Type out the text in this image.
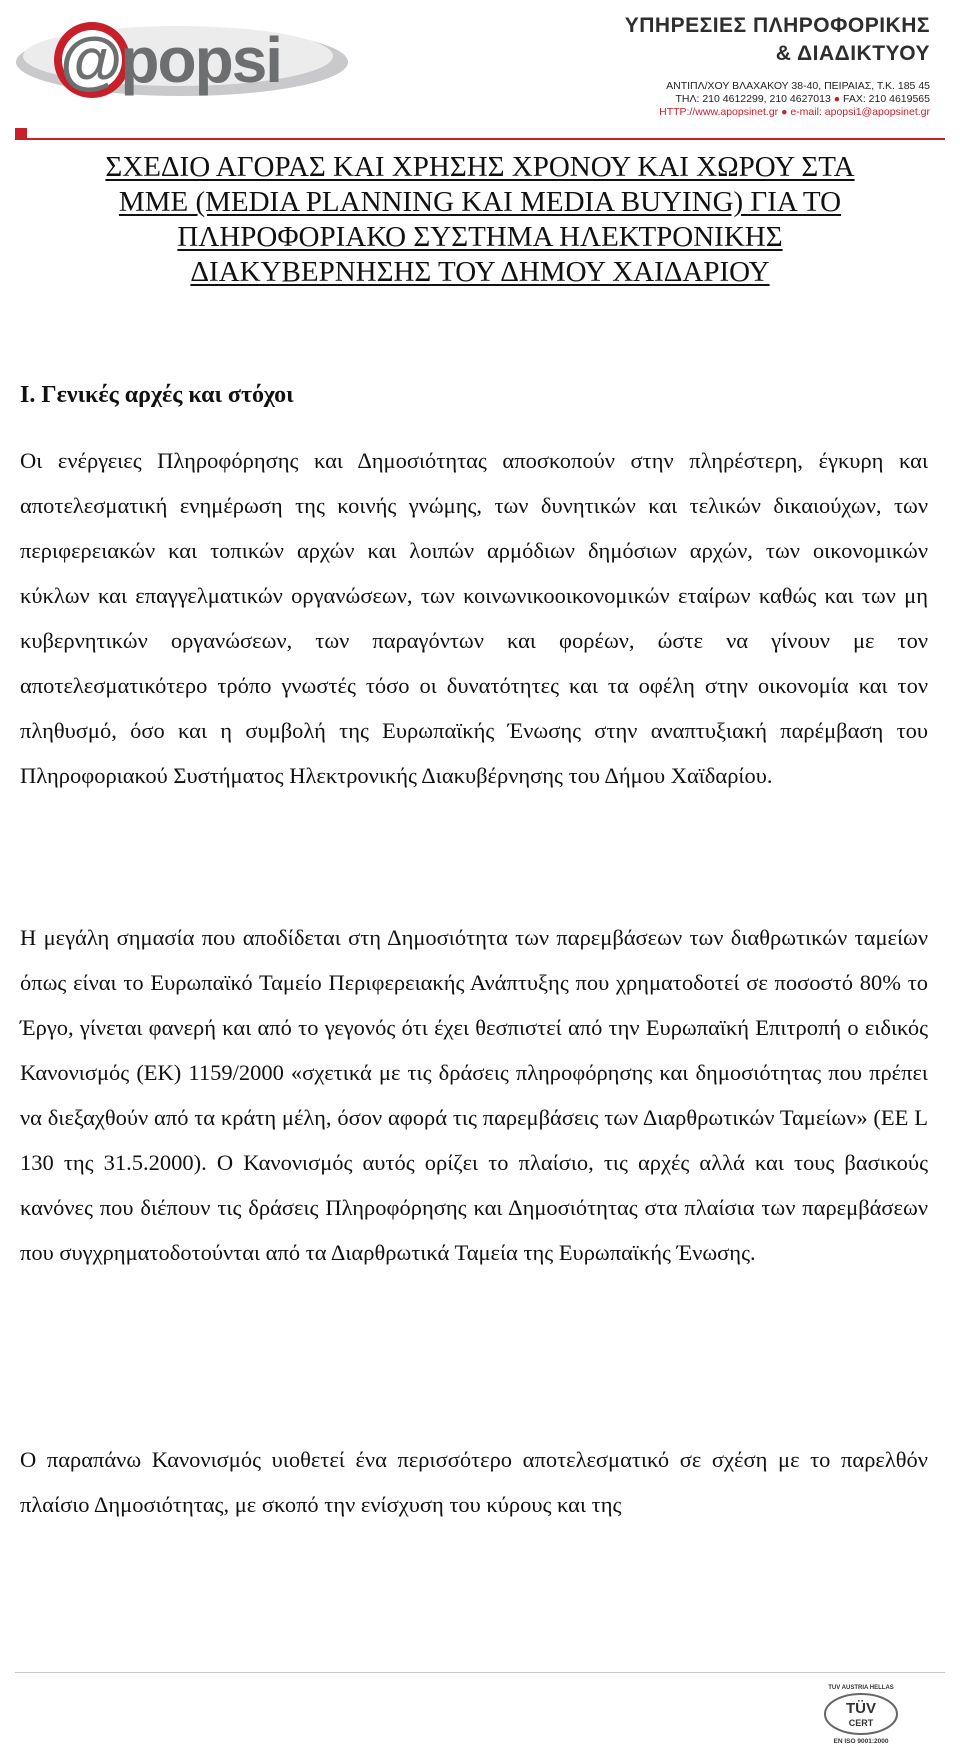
@popsi	ΥΠΗΡΕΣΙΕΣ ΠΛΗΡΟΦΟΡΙΚΗΣ
& ΔΙΑΔΙΚΤΥΟΥ
ΑΝΤΙΠΛ/ΧΟΥ ΒΛΑΧΑΚΟΥ 38-40, ΠΕΙΡΑΙΑΣ, Τ.Κ. 185 45
ΤΗΛ: 210 4612299, 210 4627013 ● FAX: 210 4619565
HTTP://www.apopsinet.gr ● e-mail: apopsi1@apopsinet.gr
ΣΧΕΔΙΟ ΑΓΟΡΑΣ ΚΑΙ ΧΡΗΣΗΣ ΧΡΟΝΟΥ ΚΑΙ ΧΩΡΟΥ ΣΤΑ
ΜΜΕ (MEDIA PLANNING ΚΑΙ MEDIA BUYING) ΓΙΑ ΤΟ
ΠΛΗΡΟΦΟΡΙΑΚΟ ΣΥΣΤΗΜΑ ΗΛΕΚΤΡΟΝΙΚΗΣ
ΔΙΑΚΥΒΕΡΝΗΣΗΣ ΤΟΥ ΔΗΜΟΥ ΧΑΙΔΑΡΙΟΥ
Ι. Γενικές αρχές και στόχοι

Οι ενέργειες Πληροφόρησης και Δημοσιότητας αποσκοπούν στην πληρέστερη, έγκυρη και αποτελεσματική ενημέρωση της κοινής γνώμης, των δυνητικών και τελικών δικαιούχων, των περιφερειακών και τοπικών αρχών και λοιπών αρμόδιων δημόσιων αρχών, των οικονομικών κύκλων και επαγγελματικών οργανώσεων, των κοινωνικοοικονομικών εταίρων καθώς και των μη κυβερνητικών οργανώσεων, των παραγόντων και φορέων, ώστε να γίνουν με τον αποτελεσματικότερο τρόπο γνωστές τόσο οι δυνατότητες και τα οφέλη στην οικονομία και τον πληθυσμό, όσο και η συμβολή της Ευρωπαϊκής Ένωσης στην αναπτυξιακή παρέμβαση του Πληροφοριακού Συστήματος Ηλεκτρονικής Διακυβέρνησης του Δήμου Χαϊδαρίου.

Η μεγάλη σημασία που αποδίδεται στη Δημοσιότητα των παρεμβάσεων των διαθρωτικών ταμείων όπως είναι το Ευρωπαϊκό Ταμείο Περιφερειακής Ανάπτυξης που χρηματοδοτεί σε ποσοστό 80% το Έργο, γίνεται φανερή και από το γεγονός ότι έχει θεσπιστεί από την Ευρωπαϊκή Επιτροπή ο ειδικός Κανονισμός (ΕΚ) 1159/2000 «σχετικά με τις δράσεις πληροφόρησης και δημοσιότητας που πρέπει να διεξαχθούν από τα κράτη μέλη, όσον αφορά τις παρεμβάσεις των Διαρθρωτικών Ταμείων» (ΕΕ L 130 της 31.5.2000). Ο Κανονισμός αυτός ορίζει το πλαίσιο, τις αρχές αλλά και τους βασικούς κανόνες που διέπουν τις δράσεις Πληροφόρησης και Δημοσιότητας στα πλαίσια των παρεμβάσεων που συγχρηματοδοτούνται από τα Διαρθρωτικά Ταμεία της Ευρωπαϊκής Ένωσης.

Ο παραπάνω Κανονισμός υιοθετεί ένα περισσότερο αποτελεσματικό σε σχέση με το παρελθόν πλαίσιο Δημοσιότητας, με σκοπό την ενίσχυση του κύρους και της

TUV AUSTRIA HELLAS
TÜV
CERT
EN ISO 9001:2000
